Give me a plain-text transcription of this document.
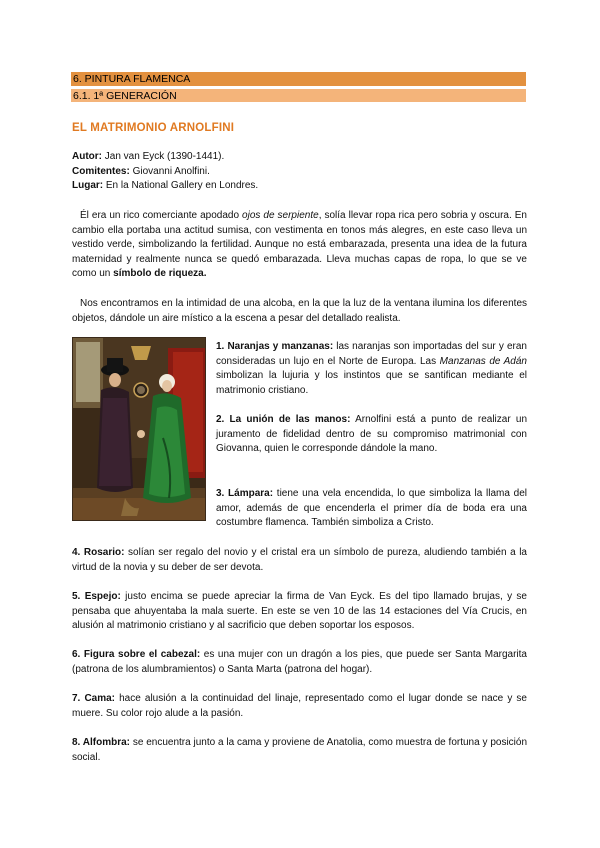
6. PINTURA FLAMENCA
6.1. 1ª GENERACIÓN
EL MATRIMONIO ARNOLFINI
Autor: Jan van Eyck (1390-1441).
Comitentes: Giovanni Anolfini.
Lugar: En la National Gallery en Londres.

Él era un rico comerciante apodado ojos de serpiente, solía llevar ropa rica pero sobria y oscura. En cambio ella portaba una actitud sumisa, con vestimenta en tonos más alegres, en este caso lleva un vestido verde, simbolizando la fertilidad. Aunque no está embarazada, presenta una idea de la futura maternidad y realmente nunca se quedó embarazada. Lleva muchas capas de ropa, lo que se ve como un símbolo de riqueza.

Nos encontramos en la intimidad de una alcoba, en la que la luz de la ventana ilumina los diferentes objetos, dándole un aire místico a la escena a pesar del detallado realista.

1. Naranjas y manzanas: las naranjas son importadas del sur y eran consideradas un lujo en el Norte de Europa. Las Manzanas de Adán simbolizan la lujuria y los instintos que se santifican mediante el matrimonio cristiano.

2. La unión de las manos: Arnolfini está a punto de realizar un juramento de fidelidad dentro de su compromiso matrimonial con Giovanna, quien le corresponde dándole la mano.

3. Lámpara: tiene una vela encendida, lo que simboliza la llama del amor, además de que encenderla el primer día de boda era una costumbre flamenca. También simboliza a Cristo.

4. Rosario: solían ser regalo del novio y el cristal era un símbolo de pureza, aludiendo también a la virtud de la novia y su deber de ser devota.

5. Espejo: justo encima se puede apreciar la firma de Van Eyck. Es del tipo llamado brujas, y se pensaba que ahuyentaba la mala suerte. En este se ven 10 de las 14 estaciones del Vía Crucis, en alusión al matrimonio cristiano y al sacrificio que deben soportar los esposos.

6. Figura sobre el cabezal: es una mujer con un dragón a los pies, que puede ser Santa Margarita (patrona de los alumbramientos) o Santa Marta (patrona del hogar).

7. Cama: hace alusión a la continuidad del linaje, representado como el lugar donde se nace y se muere. Su color rojo alude a la pasión.

8. Alfombra: se encuentra junto a la cama y proviene de Anatolia, como muestra de fortuna y posición social.
